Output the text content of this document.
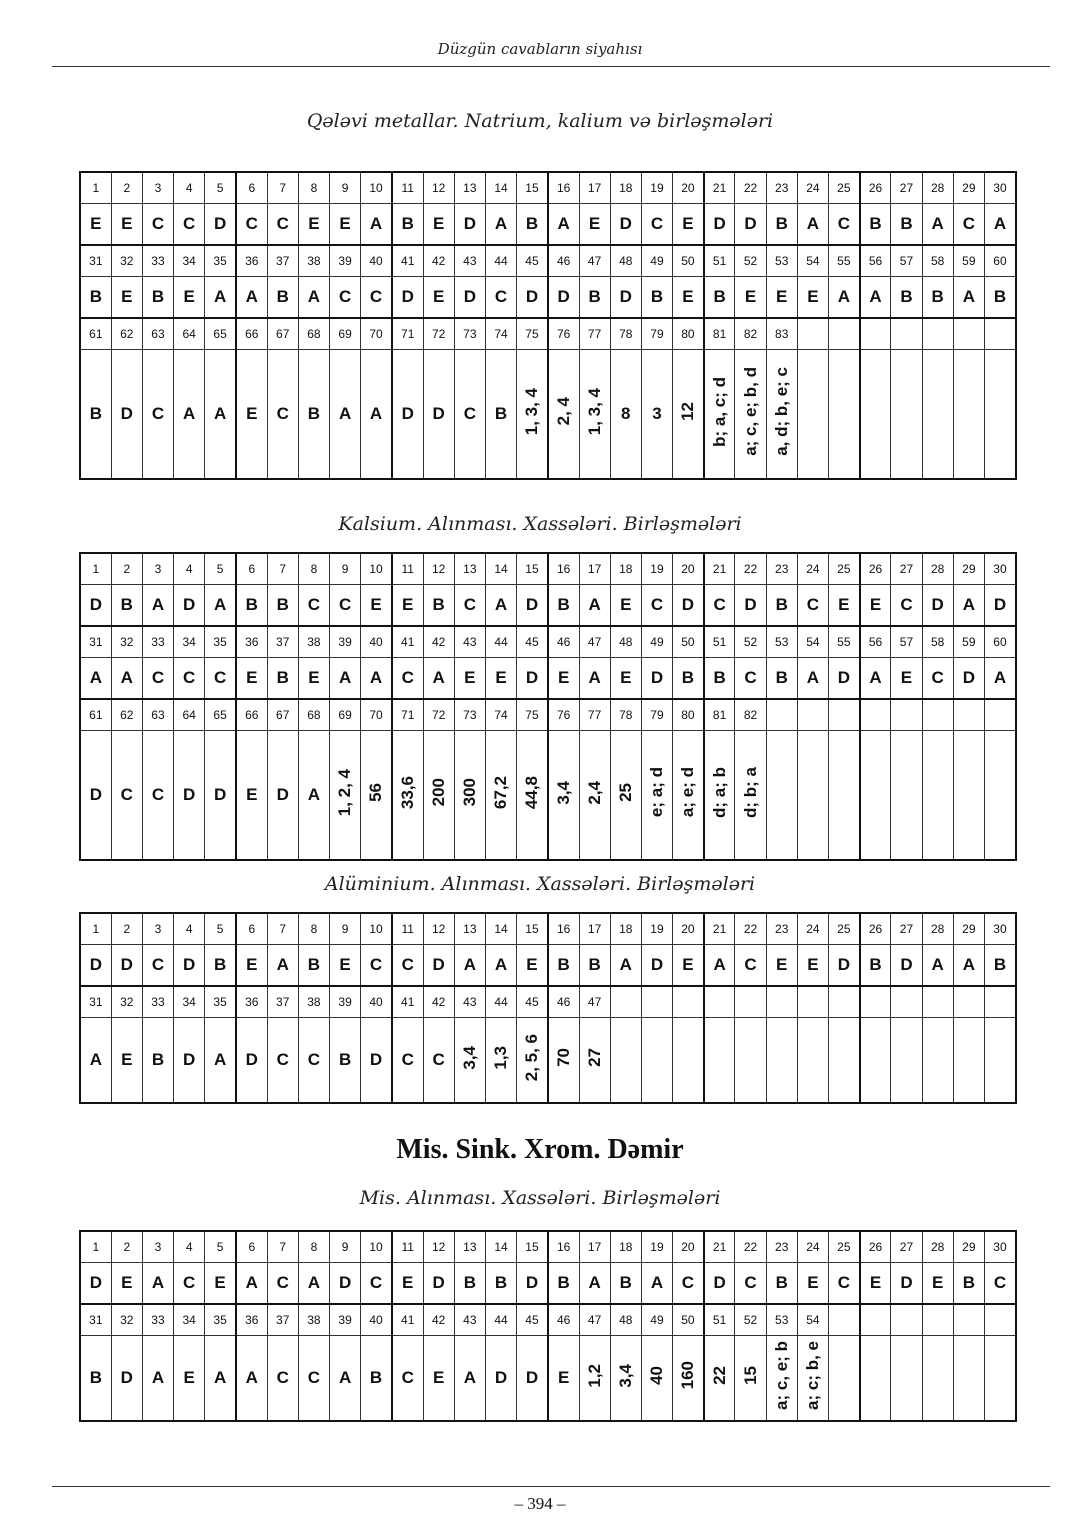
Düzgün cavabların siyahısı
Qələvi metallar. Natrium, kalium və birləşmələri
1	2	3	4	5	6	7	8	9	10	11	12	13	14	15	16	17	18	19	20	21	22	23	24	25	26	27	28	29	30
E	E	C	C	D	C	C	E	E	A	B	E	D	A	B	A	E	D	C	E	D	D	B	A	C	B	B	A	C	A
31	32	33	34	35	36	37	38	39	40	41	42	43	44	45	46	47	48	49	50	51	52	53	54	55	56	57	58	59	60
B	E	B	E	A	A	B	A	C	C	D	E	D	C	D	D	B	D	B	E	B	E	E	E	A	A	B	B	A	B
61	62	63	64	65	66	67	68	69	70	71	72	73	74	75	76	77	78	79	80	81	82	83							
B	D	C	A	A	E	C	B	A	A	D	D	C	B	1, 3, 4	2, 4	1, 3, 4	8	3	12	b; a, c; d	a; c, e; b, d	a, d; b, e; c							
Kalsium. Alınması. Xassələri. Birləşmələri
1	2	3	4	5	6	7	8	9	10	11	12	13	14	15	16	17	18	19	20	21	22	23	24	25	26	27	28	29	30
D	B	A	D	A	B	B	C	C	E	E	B	C	A	D	B	A	E	C	D	C	D	B	C	E	E	C	D	A	D
31	32	33	34	35	36	37	38	39	40	41	42	43	44	45	46	47	48	49	50	51	52	53	54	55	56	57	58	59	60
A	A	C	C	C	E	B	E	A	A	C	A	E	E	D	E	A	E	D	B	B	C	B	A	D	A	E	C	D	A
61	62	63	64	65	66	67	68	69	70	71	72	73	74	75	76	77	78	79	80	81	82								
D	C	C	D	D	E	D	A	1, 2, 4	56	33,6	200	300	67,2	44,8	3,4	2,4	25	e; a; d	a; e; d	d; a; b	d; b; a								
Alüminium. Alınması. Xassələri. Birləşmələri
1	2	3	4	5	6	7	8	9	10	11	12	13	14	15	16	17	18	19	20	21	22	23	24	25	26	27	28	29	30
D	D	C	D	B	E	A	B	E	C	C	D	A	A	E	B	B	A	D	E	A	C	E	E	D	B	D	A	A	B
31	32	33	34	35	36	37	38	39	40	41	42	43	44	45	46	47													
A	E	B	D	A	D	C	C	B	D	C	C	3,4	1,3	2, 5, 6	70	27													
Mis. Sink. Xrom. Dəmir
Mis. Alınması. Xassələri. Birləşmələri
1	2	3	4	5	6	7	8	9	10	11	12	13	14	15	16	17	18	19	20	21	22	23	24	25	26	27	28	29	30
D	E	A	C	E	A	C	A	D	C	E	D	B	B	D	B	A	B	A	C	D	C	B	E	C	E	D	E	B	C
31	32	33	34	35	36	37	38	39	40	41	42	43	44	45	46	47	48	49	50	51	52	53	54						
B	D	A	E	A	A	C	C	A	B	C	E	A	D	D	E	1,2	3,4	40	160	22	15	a; c, e; b	a; c; b, e						
– 394 –
